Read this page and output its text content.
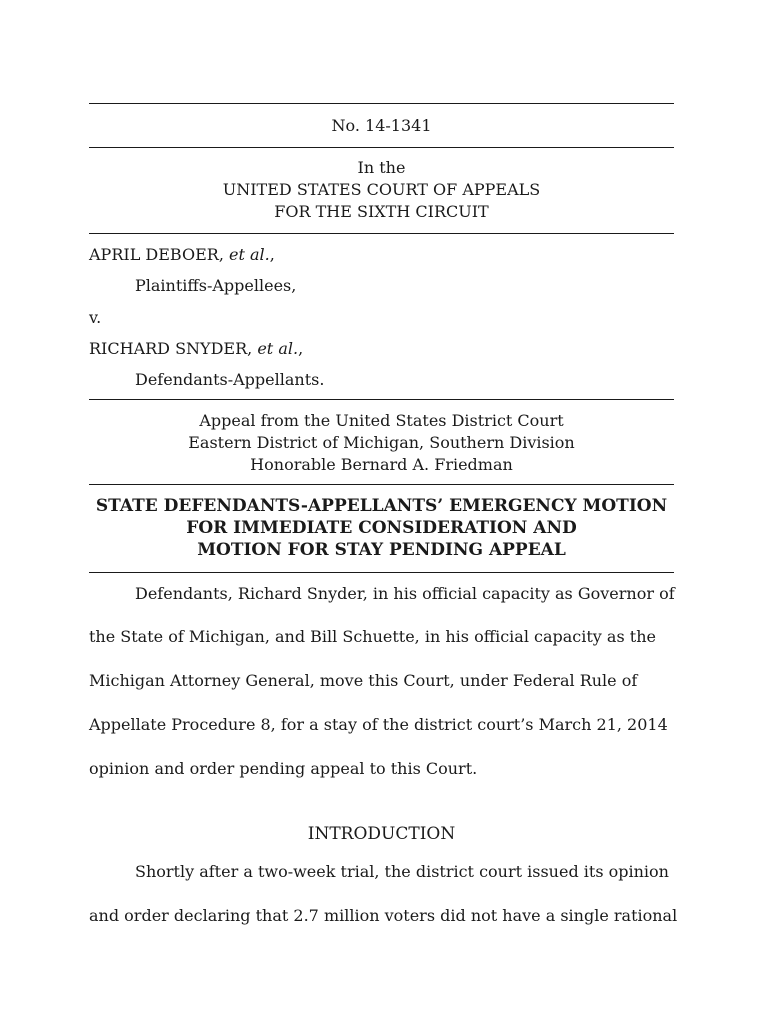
No. 14-1341
In the
UNITED STATES COURT OF APPEALS
FOR THE SIXTH CIRCUIT
APRIL DEBOER, et al.,
Plaintiffs-Appellees,
v.
RICHARD SNYDER, et al.,
Defendants-Appellants.
Appeal from the United States District Court
Eastern District of Michigan, Southern Division
Honorable Bernard A. Friedman
STATE DEFENDANTS-APPELLANTS’ EMERGENCY MOTION
FOR IMMEDIATE CONSIDERATION AND
MOTION FOR STAY PENDING APPEAL
Defendants, Richard Snyder, in his official capacity as Governor of
the State of Michigan, and Bill Schuette, in his official capacity as the
Michigan Attorney General, move this Court, under Federal Rule of
Appellate Procedure 8, for a stay of the district court’s March 21, 2014
opinion and order pending appeal to this Court.
INTRODUCTION
Shortly after a two-week trial, the district court issued its opinion
and order declaring that 2.7 million voters did not have a single rational
